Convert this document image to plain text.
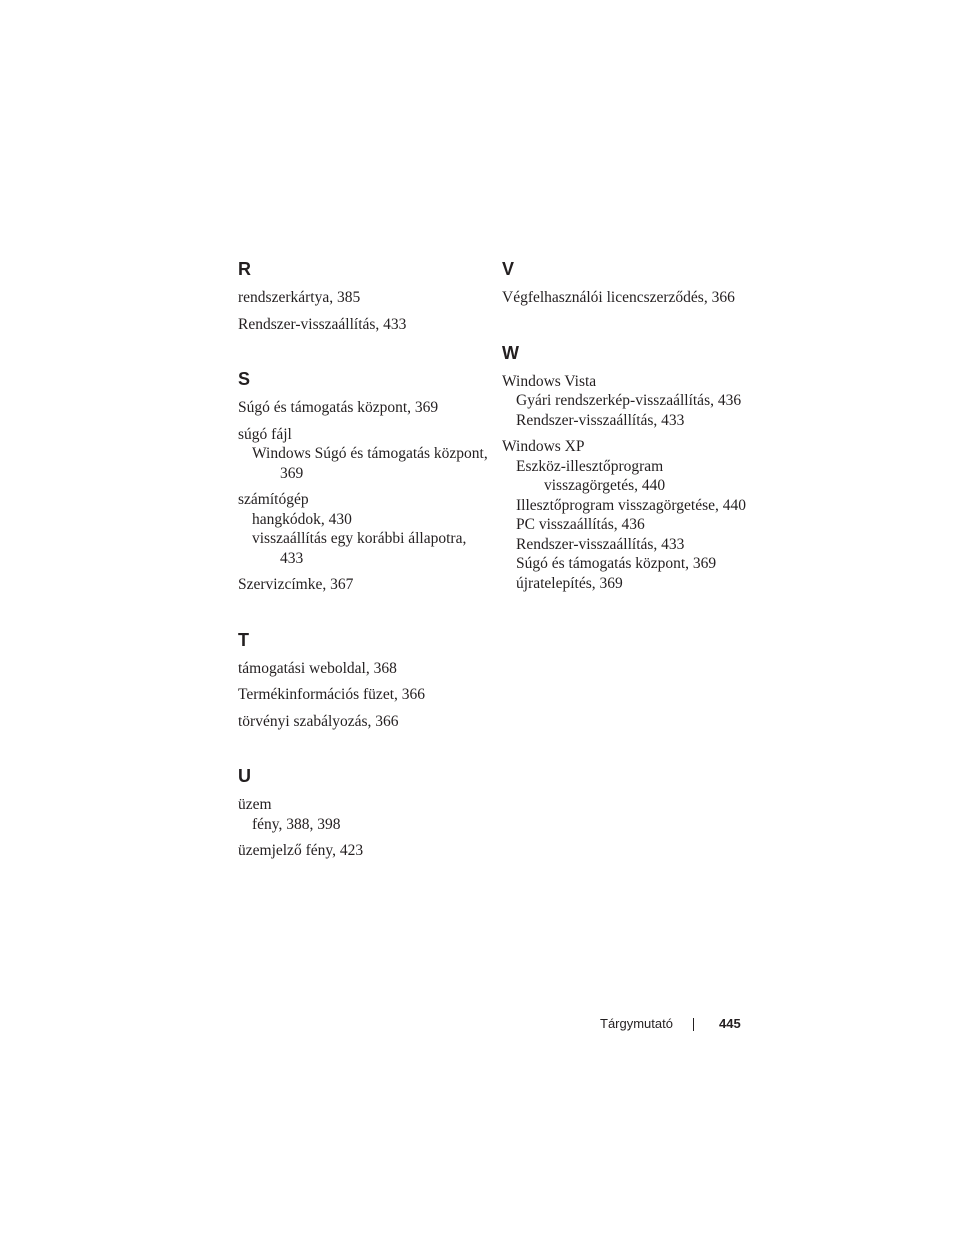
R
rendszerkártya, 385
Rendszer-visszaállítás, 433
S
Súgó és támogatás központ, 369
súgó fájl
Windows Súgó és támogatás központ, 369
számítógép
hangkódok, 430
visszaállítás egy korábbi állapotra, 433
Szervizcímke, 367
T
támogatási weboldal, 368
Termékinformációs füzet, 366
törvényi szabályozás, 366
U
üzem
fény, 388, 398
üzemjelző fény, 423
V
Végfelhasználói licencszerződés, 366
W
Windows Vista
Gyári rendszerkép-visszaállítás, 436
Rendszer-visszaállítás, 433
Windows XP
Eszköz-illesztőprogram visszagörgetés, 440
Illesztőprogram visszagörgetése, 440
PC visszaállítás, 436
Rendszer-visszaállítás, 433
Súgó és támogatás központ, 369
újratelepítés, 369
Tárgymutató	445
